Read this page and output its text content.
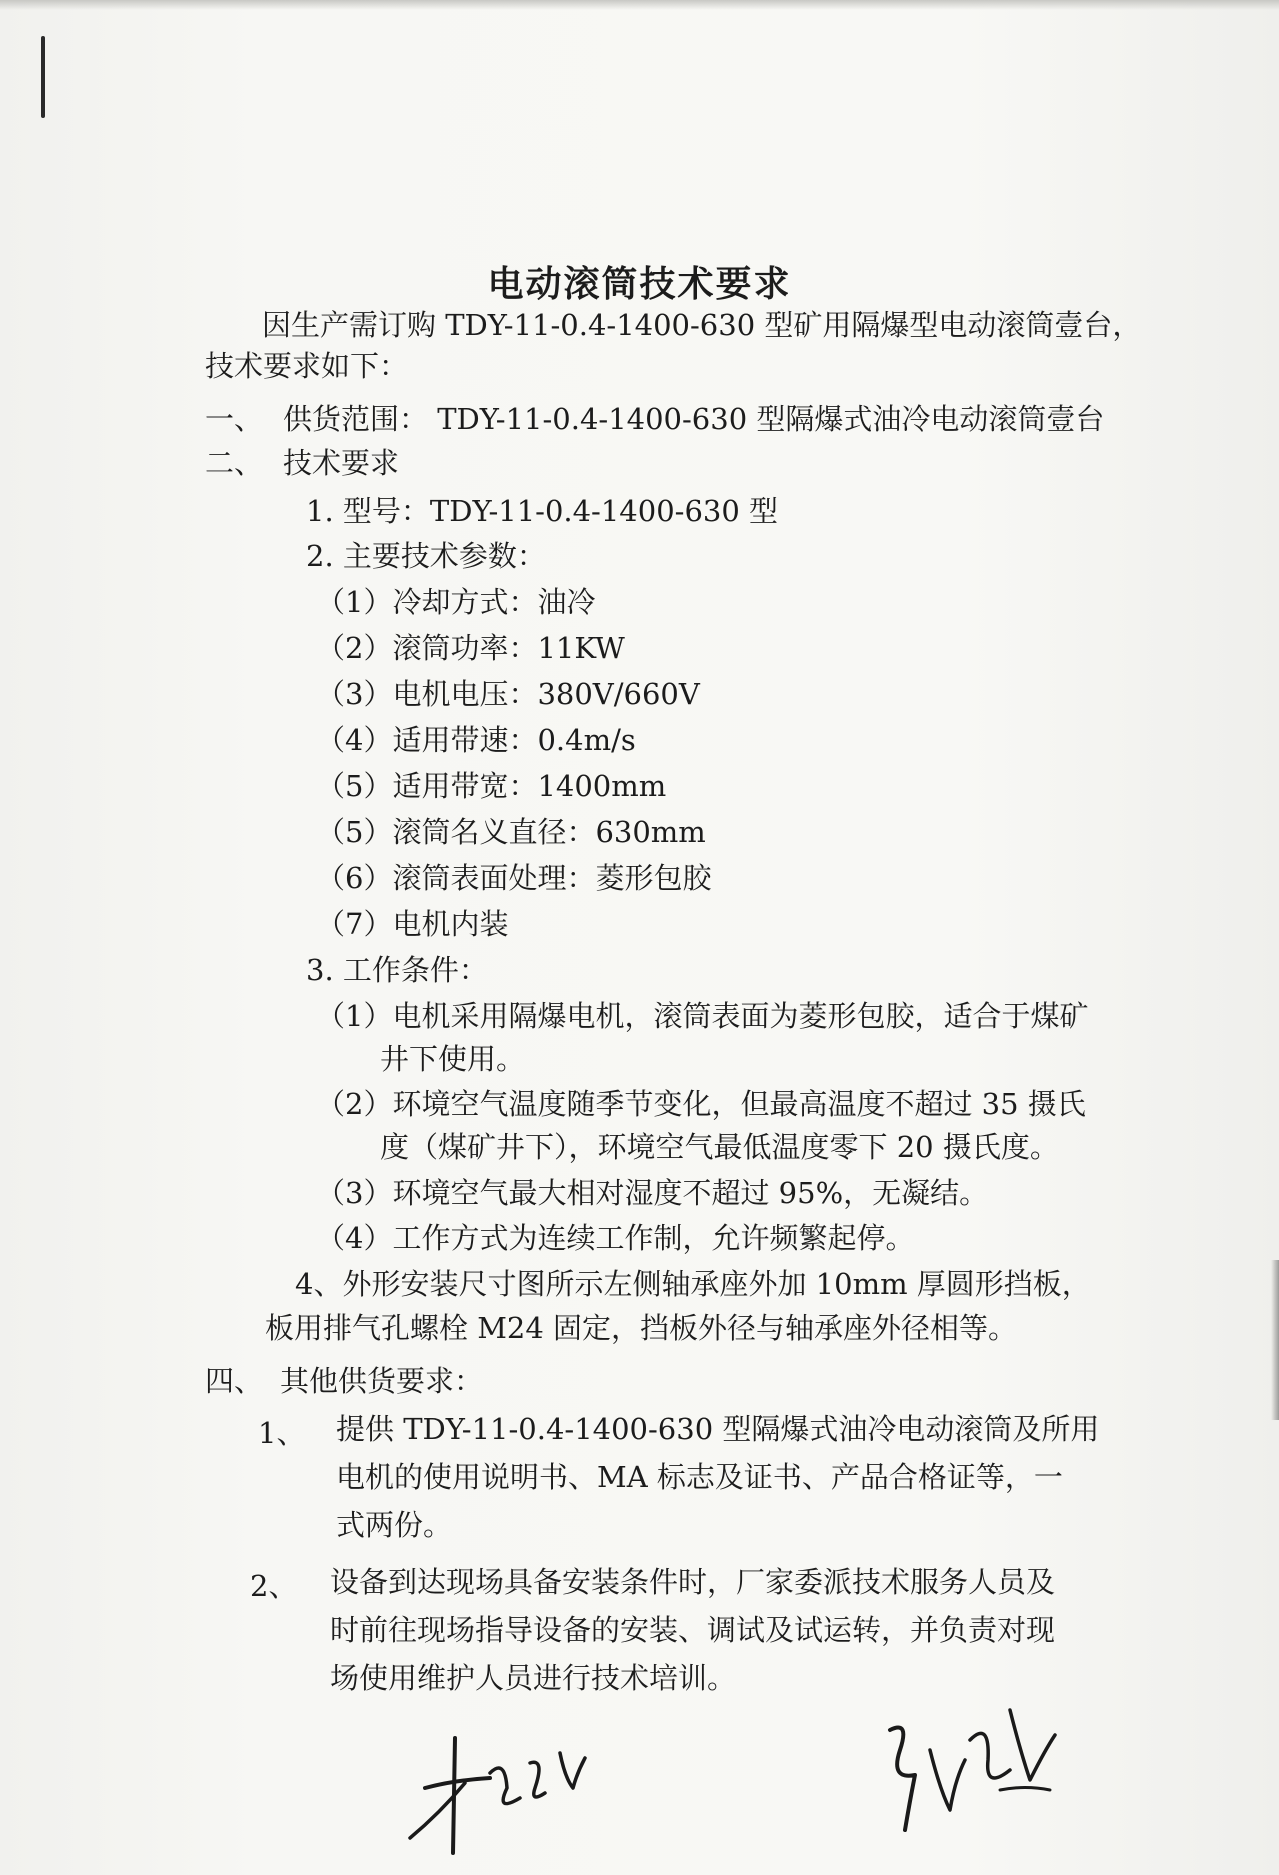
电动滚筒技术要求
因生产需订购 TDY-11-0.4-1400-630 型矿用隔爆型电动滚筒壹台，
技术要求如下：
一、 供货范围： TDY-11-0.4-1400-630 型隔爆式油冷电动滚筒壹台
二、 技术要求
1. 型号：TDY-11-0.4-1400-630 型
2. 主要技术参数：
（1）冷却方式：油冷
（2）滚筒功率：11KW
（3）电机电压：380V/660V
（4）适用带速：0.4m/s
（5）适用带宽：1400mm
（5）滚筒名义直径：630mm
（6）滚筒表面处理：菱形包胶
（7）电机内装
3. 工作条件：
（1）电机采用隔爆电机，滚筒表面为菱形包胶，适合于煤矿
井下使用。
（2）环境空气温度随季节变化，但最高温度不超过 35 摄氏
度（煤矿井下），环境空气最低温度零下 20 摄氏度。
（3）环境空气最大相对湿度不超过 95%，无凝结。
（4）工作方式为连续工作制，允许频繁起停。
4、外形安装尺寸图所示左侧轴承座外加 10mm 厚圆形挡板，
板用排气孔螺栓 M24 固定，挡板外径与轴承座外径相等。
四、 其他供货要求：
1、 提供 TDY-11-0.4-1400-630 型隔爆式油冷电动滚筒及所用
电机的使用说明书、MA 标志及证书、产品合格证等，一
式两份。
2、 设备到达现场具备安装条件时，厂家委派技术服务人员及
时前往现场指导设备的安装、调试及试运转，并负责对现
场使用维护人员进行技术培训。
